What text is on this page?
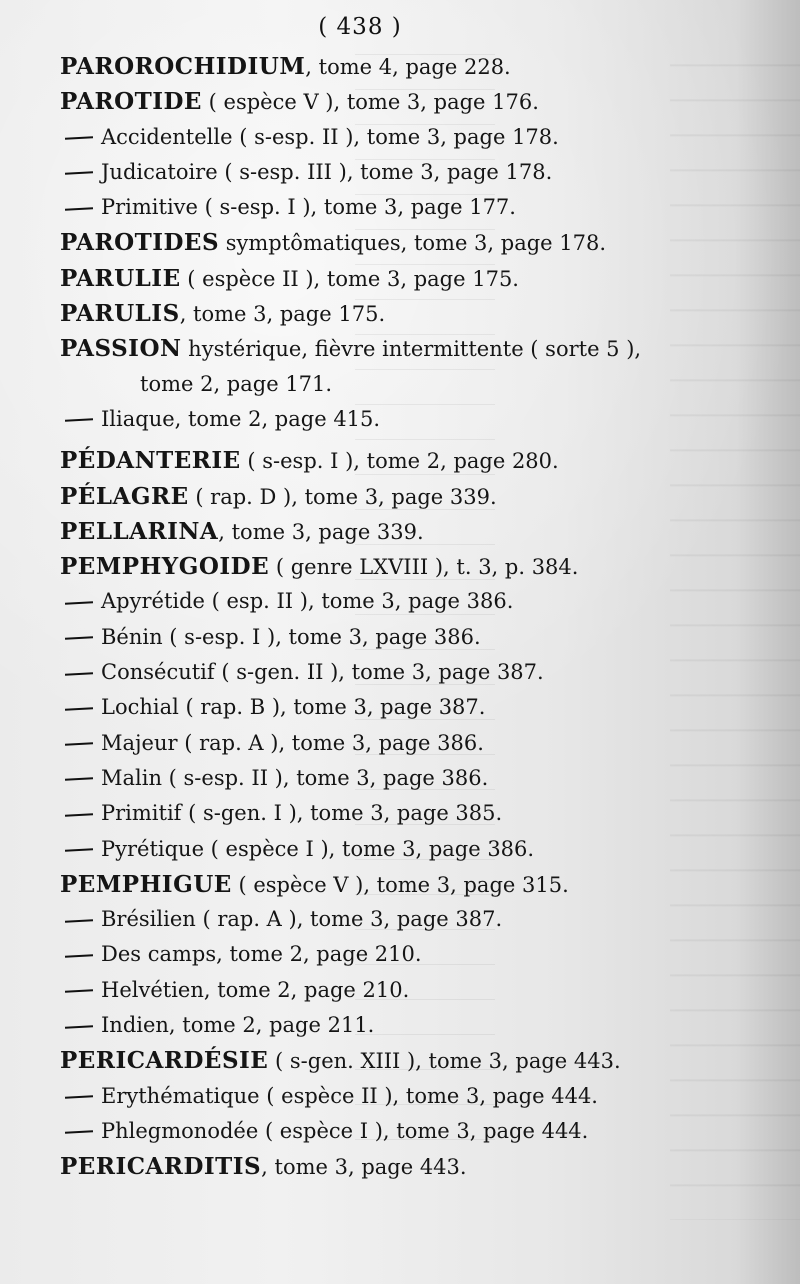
( 438 )
PAROROCHIDIUM, tome 4, page 228.
PAROTIDE ( espèce V ), tome 3, page 176.
Accidentelle ( s-esp. II ), tome 3, page 178.
Judicatoire ( s-esp. III ), tome 3, page 178.
Primitive ( s-esp. I ), tome 3, page 177.
PAROTIDES symptômatiques, tome 3, page 178.
PARULIE ( espèce II ), tome 3, page 175.
PARULIS, tome 3, page 175.
PASSION hystérique, fièvre intermittente ( sorte 5 ),
tome 2, page 171.
Iliaque, tome 2, page 415.
PÉDANTERIE ( s-esp. I ), tome 2, page 280.
PÉLAGRE ( rap. D ), tome 3, page 339.
PELLARINA, tome 3, page 339.
PEMPHYGOIDE ( genre LXVIII ), t. 3, p. 384.
Apyrétide ( esp. II ), tome 3, page 386.
Bénin ( s-esp. I ), tome 3, page 386.
Consécutif ( s-gen. II ), tome 3, page 387.
Lochial ( rap. B ), tome 3, page 387.
Majeur ( rap. A ), tome 3, page 386.
Malin ( s-esp. II ), tome 3, page 386.
Primitif ( s-gen. I ), tome 3, page 385.
Pyrétique ( espèce I ), tome 3, page 386.
PEMPHIGUE ( espèce V ), tome 3, page 315.
Brésilien ( rap. A ), tome 3, page 387.
Des camps, tome 2, page 210.
Helvétien, tome 2, page 210.
Indien, tome 2, page 211.
PERICARDÉSIE ( s-gen. XIII ), tome 3, page 443.
Erythématique ( espèce II ), tome 3, page 444.
Phlegmonodée ( espèce I ), tome 3, page 444.
PERICARDITIS, tome 3, page 443.
